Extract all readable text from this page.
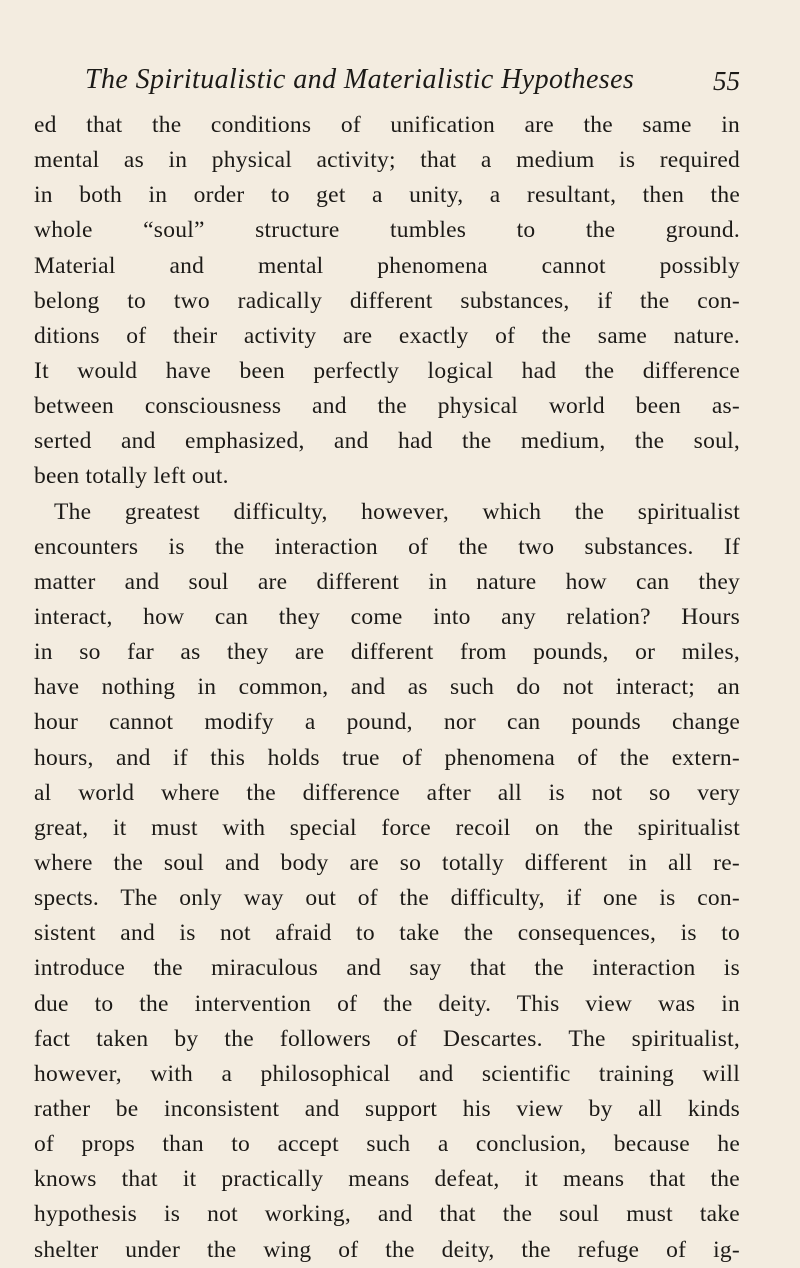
The Spiritualistic and Materialistic Hypotheses	55
ed that the conditions of unification are the same in
mental as in physical activity; that a medium is required
in both in order to get a unity, a resultant, then the
whole “soul” structure tumbles to the ground.
Material and mental phenomena cannot possibly
belong to two radically different substances, if the con-
ditions of their activity are exactly of the same nature.
It would have been perfectly logical had the difference
between consciousness and the physical world been as-
serted and emphasized, and had the medium, the soul,
been totally left out.
The greatest difficulty, however, which the spiritualist
encounters is the interaction of the two substances. If
matter and soul are different in nature how can they
interact, how can they come into any relation? Hours
in so far as they are different from pounds, or miles,
have nothing in common, and as such do not interact; an
hour cannot modify a pound, nor can pounds change
hours, and if this holds true of phenomena of the extern-
al world where the difference after all is not so very
great, it must with special force recoil on the spiritualist
where the soul and body are so totally different in all re-
spects. The only way out of the difficulty, if one is con-
sistent and is not afraid to take the consequences, is to
introduce the miraculous and say that the interaction is
due to the intervention of the deity. This view was in
fact taken by the followers of Descartes. The spiritualist,
however, with a philosophical and scientific training will
rather be inconsistent and support his view by all kinds
of props than to accept such a conclusion, because he
knows that it practically means defeat, it means that the
hypothesis is not working, and that the soul must take
shelter under the wing of the deity, the refuge of ig-
